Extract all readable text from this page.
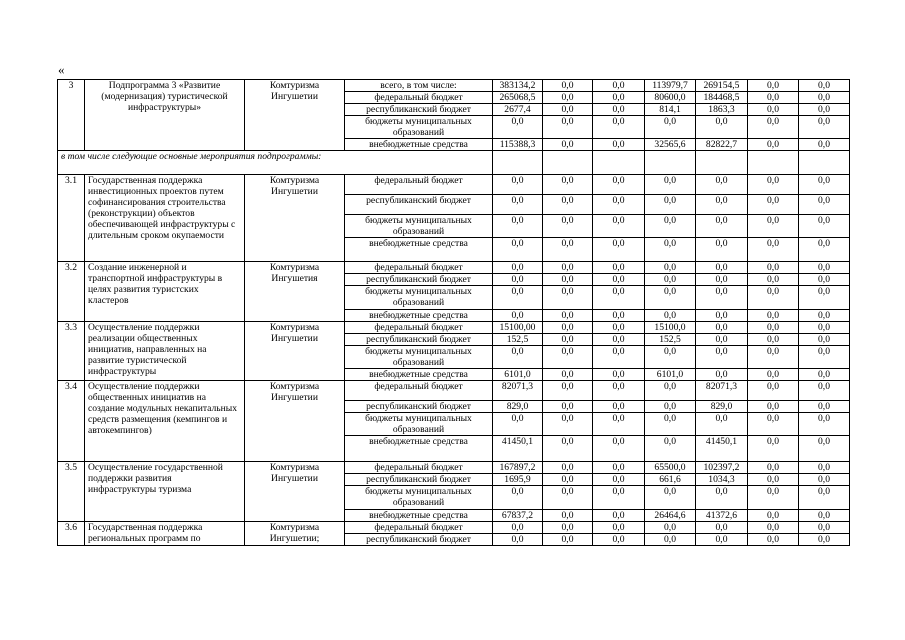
«
3	Подпрограмма 3 «Развитие (модернизация) туристической инфраструктуры»	Комтуризма Ингушетии	всего, в том числе:	383134,2	0,0	0,0	113979,7	269154,5	0,0	0,0
			федеральный бюджет	265068,5	0,0	0,0	80600,0	184468,5	0,0	0,0
			республиканский бюджет	2677,4	0,0	0,0	814,1	1863,3	0,0	0,0
			бюджеты муниципальных образований	0,0	0,0	0,0	0,0	0,0	0,0	0,0
			внебюджетные средства	115388,3	0,0	0,0	32565,6	82822,7	0,0	0,0
в том числе следующие основные мероприятия подпрограммы:										
3.1	Государственная поддержка инвестиционных проектов путем софинансирования строительства (реконструкции) объектов обеспечивающей инфраструктуры с длительным сроком окупаемости	Комтуризма Ингушетии	федеральный бюджет	0,0	0,0	0,0	0,0	0,0	0,0	0,0
			республиканский бюджет	0,0	0,0	0,0	0,0	0,0	0,0	0,0
			бюджеты муниципальных образований	0,0	0,0	0,0	0,0	0,0	0,0	0,0
			внебюджетные средства	0,0	0,0	0,0	0,0	0,0	0,0	0,0
3.2	Создание инженерной и транспортной инфраструктуры в целях развития туристских кластеров	Комтуризма Ингушетия	федеральный бюджет	0,0	0,0	0,0	0,0	0,0	0,0	0,0
			республиканский бюджет	0,0	0,0	0,0	0,0	0,0	0,0	0,0
			бюджеты муниципальных образований	0,0	0,0	0,0	0,0	0,0	0,0	0,0
			внебюджетные средства	0,0	0,0	0,0	0,0	0,0	0,0	0,0
3.3	Осуществление поддержки реализации общественных инициатив, направленных на развитие туристической инфраструктуры	Комтуризма Ингушетии	федеральный бюджет	15100,00	0,0	0,0	15100,0	0,0	0,0	0,0
			республиканский бюджет	152,5	0,0	0,0	152,5	0,0	0,0	0,0
			бюджеты муниципальных образований	0,0	0,0	0,0	0,0	0,0	0,0	0,0
			внебюджетные средства	6101,0	0,0	0,0	6101,0	0,0	0,0	0,0
3.4	Осуществление поддержки общественных инициатив на создание модульных некапитальных средств размещения (кемпингов и автокемпингов)	Комтуризма Ингушетии	федеральный бюджет	82071,3	0,0	0,0	0,0	82071,3	0,0	0,0
			республиканский бюджет	829,0	0,0	0,0	0,0	829,0	0,0	0,0
			бюджеты муниципальных образований	0,0	0,0	0,0	0,0	0,0	0,0	0,0
			внебюджетные средства	41450,1	0,0	0,0	0,0	41450,1	0,0	0,0
3.5	Осуществление государственной поддержки развития инфраструктуры туризма	Комтуризма Ингушетии	федеральный бюджет	167897,2	0,0	0,0	65500,0	102397,2	0,0	0,0
			республиканский бюджет	1695,9	0,0	0,0	661,6	1034,3	0,0	0,0
			бюджеты муниципальных образований	0,0	0,0	0,0	0,0	0,0	0,0	0,0
			внебюджетные средства	67837,2	0,0	0,0	26464,6	41372,6	0,0	0,0
3.6	Государственная поддержка региональных программ по	Комтуризма Ингушетии;	федеральный бюджет	0,0	0,0	0,0	0,0	0,0	0,0	0,0
			республиканский бюджет	0,0	0,0	0,0	0,0	0,0	0,0	0,0
